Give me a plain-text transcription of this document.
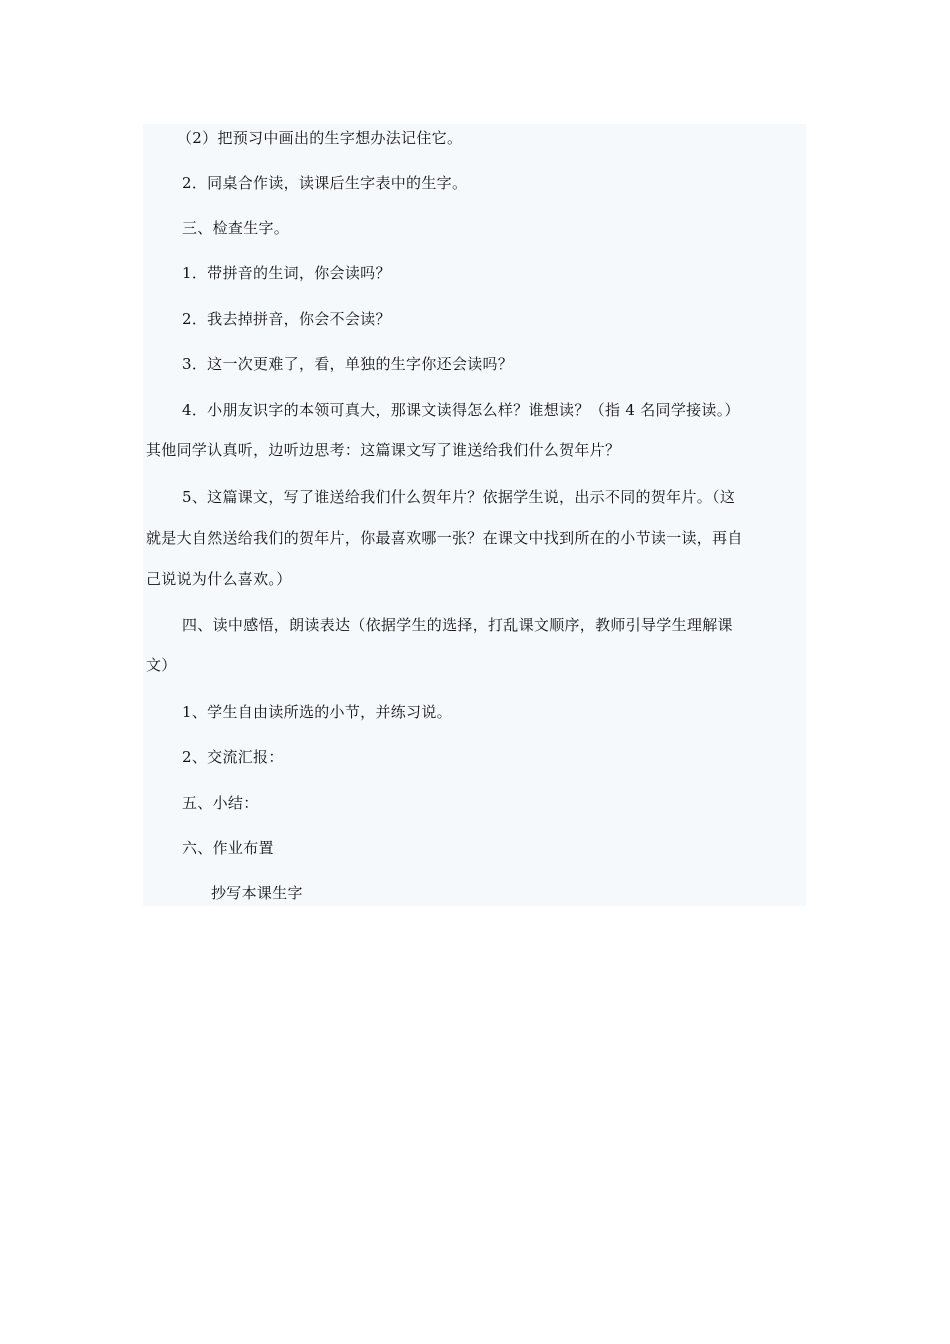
（2）把预习中画出的生字想办法记住它。
2．同桌合作读，读课后生字表中的生字。
三、检查生字。
1．带拼音的生词，你会读吗？
2．我去掉拼音，你会不会读？
3．这一次更难了，看，单独的生字你还会读吗？
4．小朋友识字的本领可真大，那课文读得怎么样？谁想读？（指 4 名同学接读。）
其他同学认真听，边听边思考：这篇课文写了谁送给我们什么贺年片？
5、这篇课文，写了谁送给我们什么贺年片？依据学生说，出示不同的贺年片。（这
就是大自然送给我们的贺年片，你最喜欢哪一张？在课文中找到所在的小节读一读，再自
己说说为什么喜欢。）
四、读中感悟，朗读表达（依据学生的选择，打乱课文顺序，教师引导学生理解课
文）
1、学生自由读所选的小节，并练习说。
2、交流汇报：
五、小结：
六、作业布置
抄写本课生字
